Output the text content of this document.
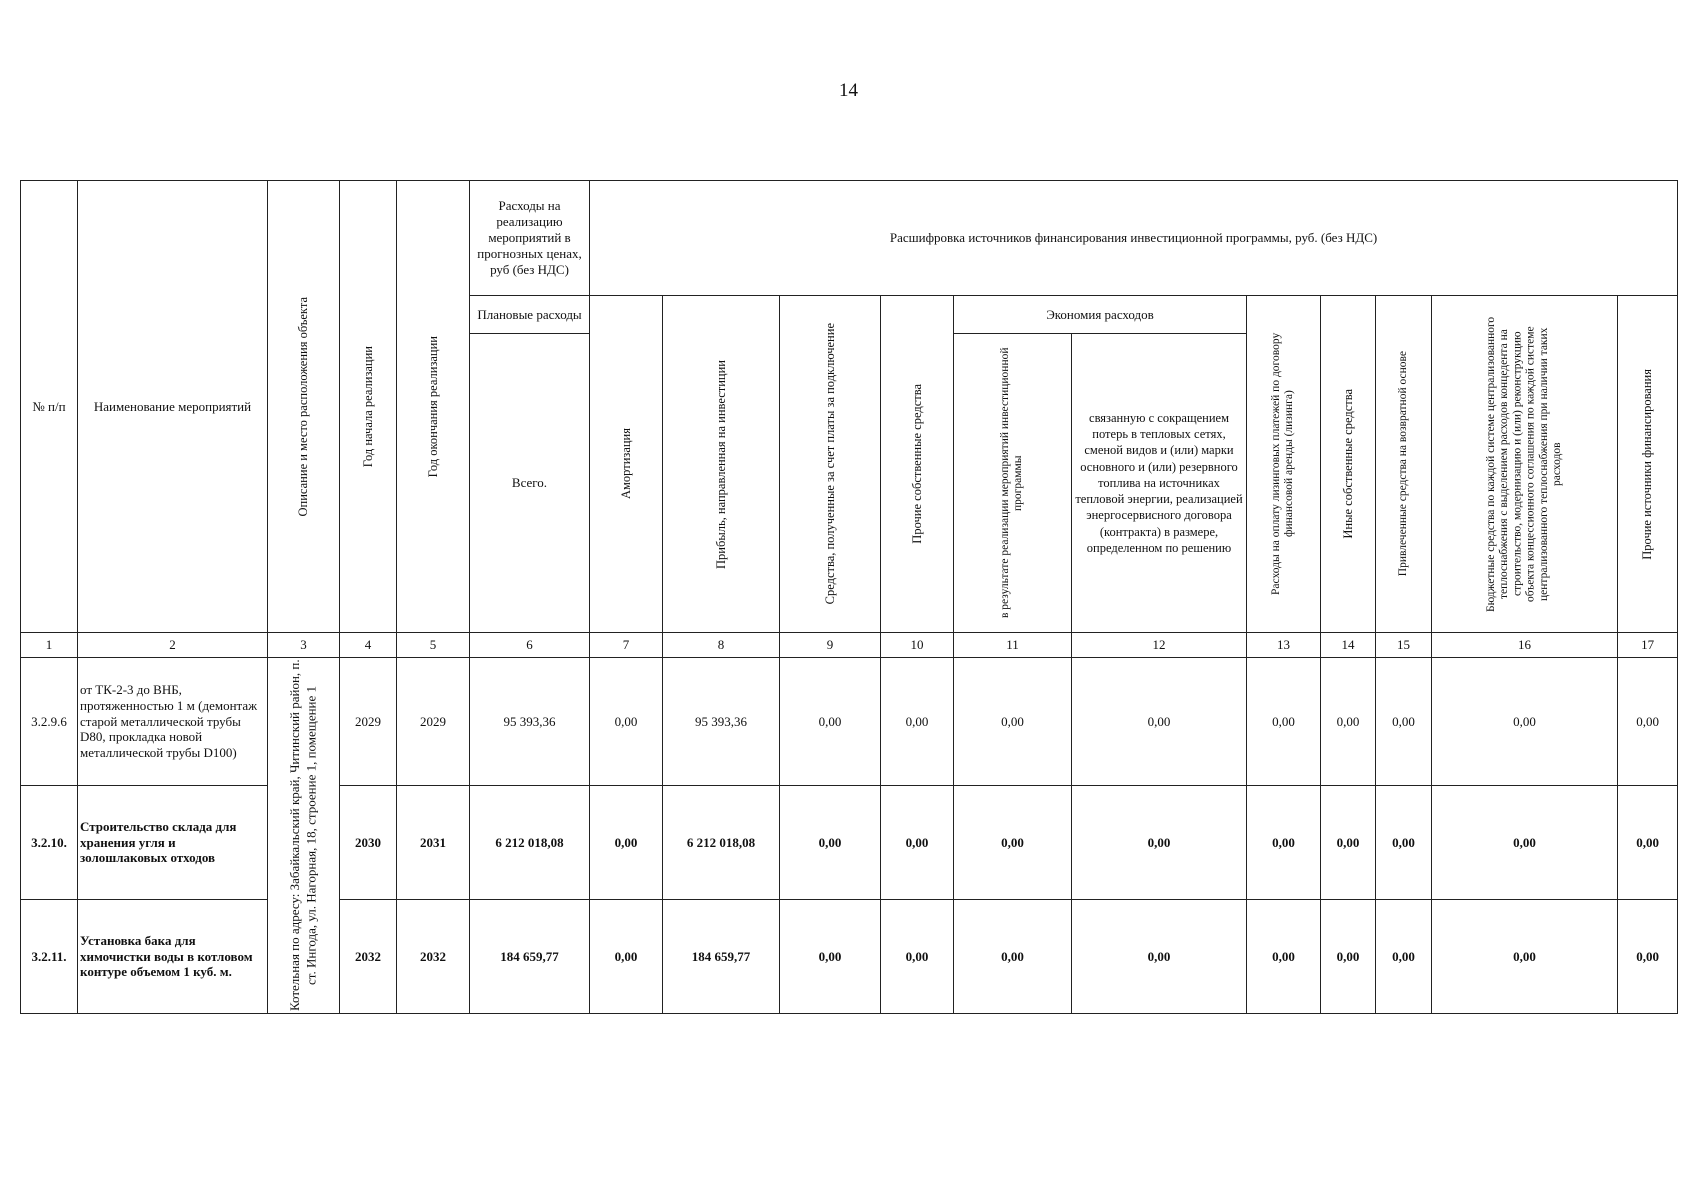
14
№ п/п	Наименование мероприятий	Описание и место расположения объекта	Год начала реализации	Год окончания реализации	Расходы на реализацию мероприятий в прогнозных ценах, руб (без НДС)	Расшифровка источников финансирования инвестиционной программы, руб. (без НДС)										
					Плановые расходы	Амортизация	Прибыль, направленная на инвестиции	Средства, полученные за счет платы за подключение	Прочие собственные средства	Экономия расходов		Расходы на оплату лизинговых платежей по договору финансовой аренды (лизинга)	Иные собственные средства	Привлеченные средства на возвратной основе	Бюджетные средства по каждой системе централизованного теплоснабжения с выделением расходов концедента на строительство, модернизацию и (или) реконструкцию объекта концессионного соглашения по каждой системе централизованного теплоснабжения при наличии таких расходов	Прочие источники финансирования

					Всего.					в результате реализации мероприятий инвестиционной программы	связанную с сокращением потерь в тепловых сетях, сменой видов и (или) марки основного и (или) резервного топлива на источниках тепловой энергии, реализацией энергосервисного договора (контракта) в размере, определенном по решению					
1	2	3	4	5	6	7	8	9	10	11	12	13	14	15	16	17
3.2.9.6	от ТК-2-3 до ВНБ, протяженностью 1 м (демонтаж старой металлической трубы D80, прокладка новой металлической трубы D100)	Котельная по адресу: Забайкальский край, Читинский район, п. ст. Ингода, ул. Нагорная, 18, строение 1, помещение 1	2029	2029	95 393,36	0,00	95 393,36	0,00	0,00	0,00	0,00	0,00	0,00	0,00	0,00	0,00
3.2.10.	Строительство склада для хранения угля и золошлаковых отходов		2030	2031	6 212 018,08	0,00	6 212 018,08	0,00	0,00	0,00	0,00	0,00	0,00	0,00	0,00	0,00
3.2.11.	Установка бака для химочистки воды в котловом контуре объемом 1 куб. м.		2032	2032	184 659,77	0,00	184 659,77	0,00	0,00	0,00	0,00	0,00	0,00	0,00	0,00	0,00
